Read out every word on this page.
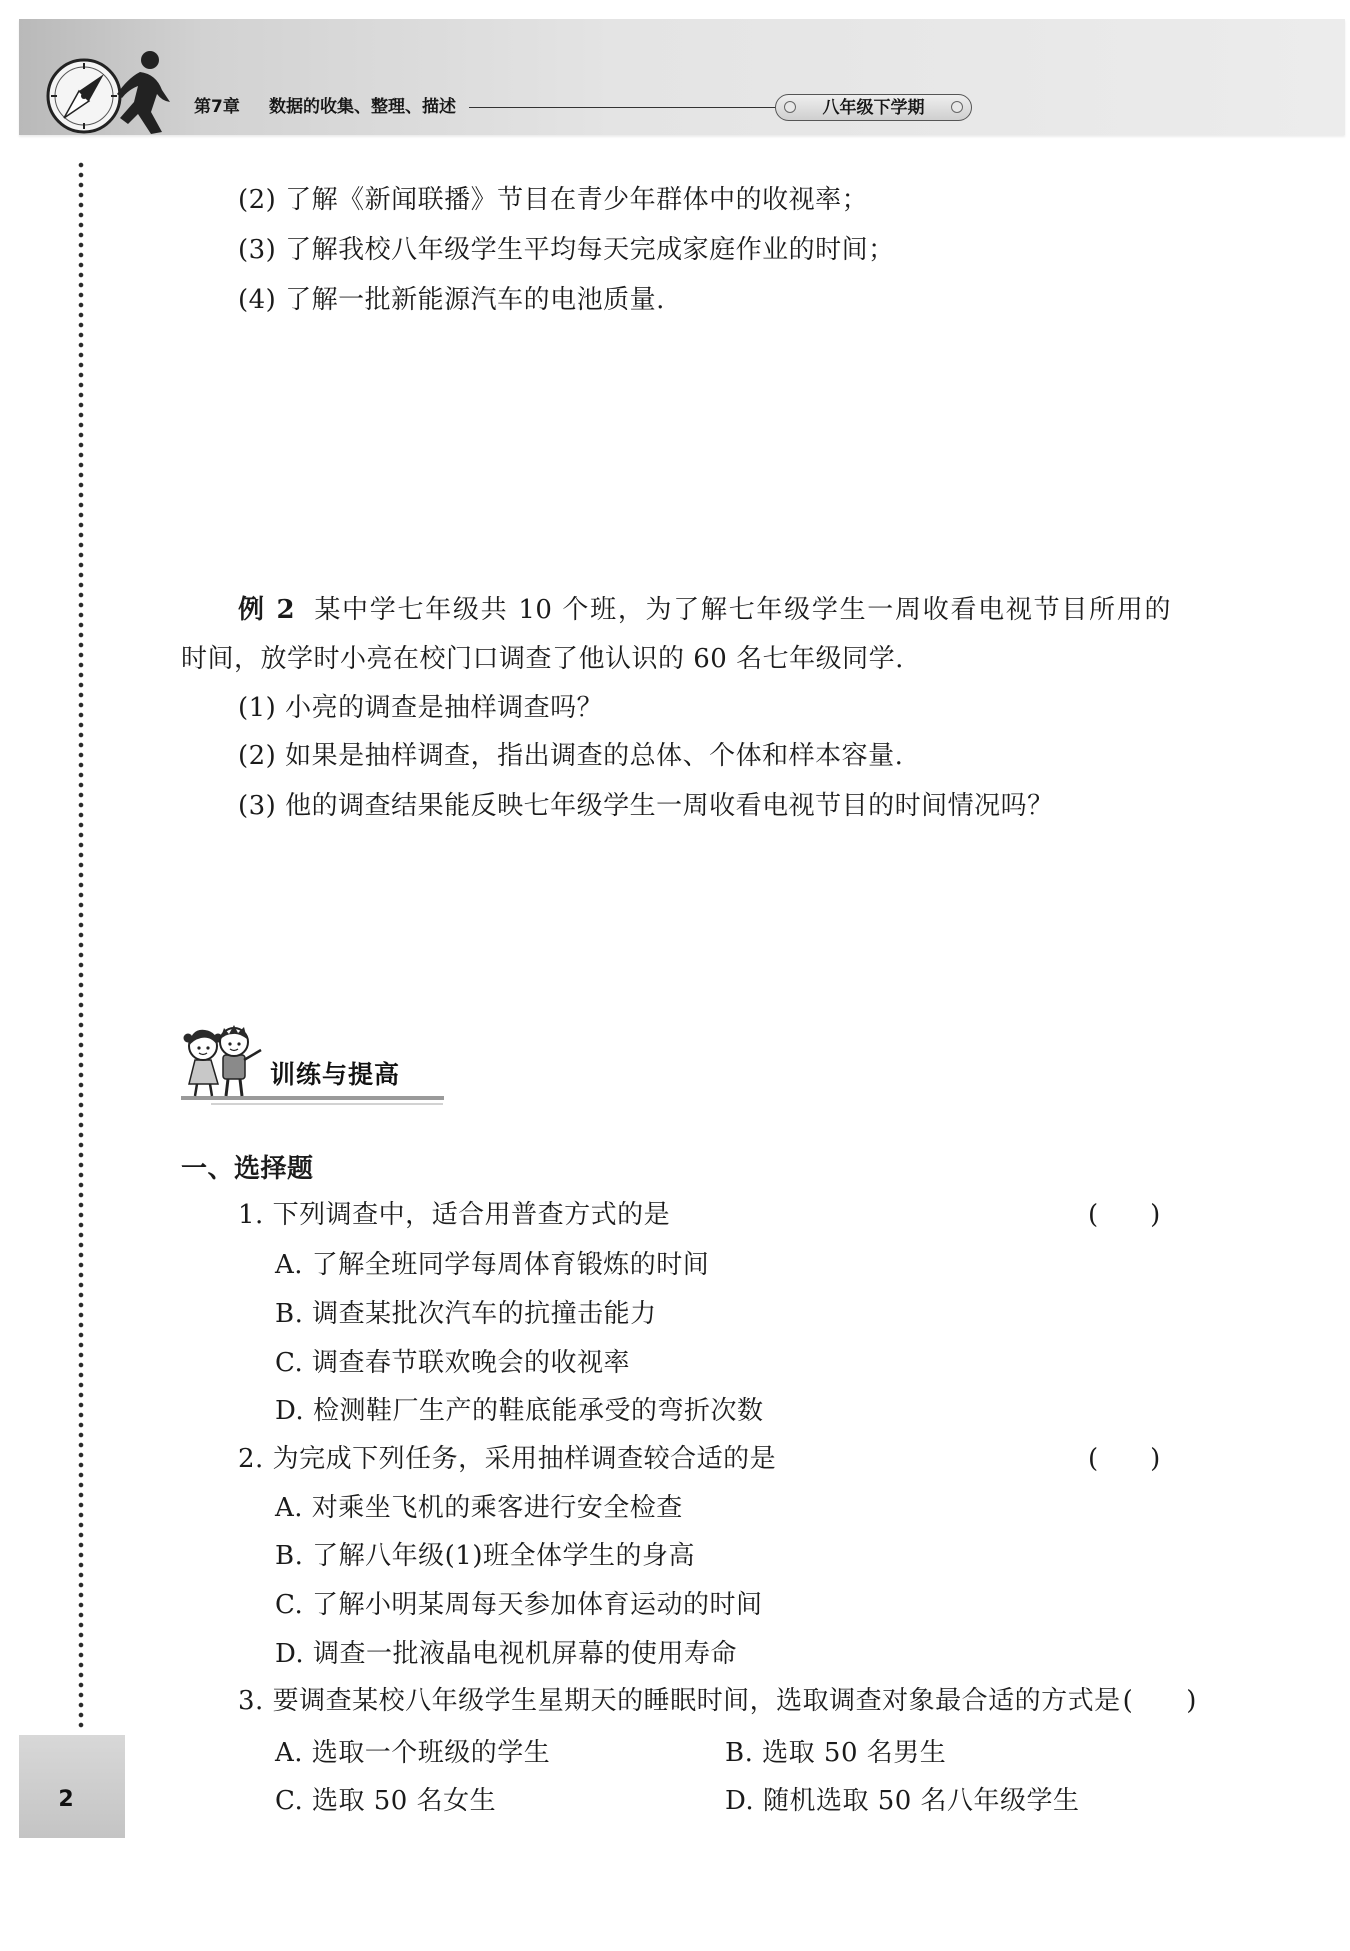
第7章 数据的收集、整理、描述	八年级下学期
(2) 了解《新闻联播》节目在青少年群体中的收视率；
(3) 了解我校八年级学生平均每天完成家庭作业的时间；
(4) 了解一批新能源汽车的电池质量.
例 2 某中学七年级共 10 个班，为了解七年级学生一周收看电视节目所用的
时间，放学时小亮在校门口调查了他认识的 60 名七年级同学.
(1) 小亮的调查是抽样调查吗？
(2) 如果是抽样调查，指出调查的总体、个体和样本容量.
(3) 他的调查结果能反映七年级学生一周收看电视节目的时间情况吗？
训练与提高
一、选择题
1. 下列调查中，适合用普查方式的是	(　　)
A. 了解全班同学每周体育锻炼的时间
B. 调查某批次汽车的抗撞击能力
C. 调查春节联欢晚会的收视率
D. 检测鞋厂生产的鞋底能承受的弯折次数
2. 为完成下列任务，采用抽样调查较合适的是	(　　)
A. 对乘坐飞机的乘客进行安全检查
B. 了解八年级(1)班全体学生的身高
C. 了解小明某周每天参加体育运动的时间
D. 调查一批液晶电视机屏幕的使用寿命
3. 要调查某校八年级学生星期天的睡眠时间，选取调查对象最合适的方式是(　　)
A. 选取一个班级的学生	B. 选取 50 名男生
C. 选取 50 名女生	D. 随机选取 50 名八年级学生
2
